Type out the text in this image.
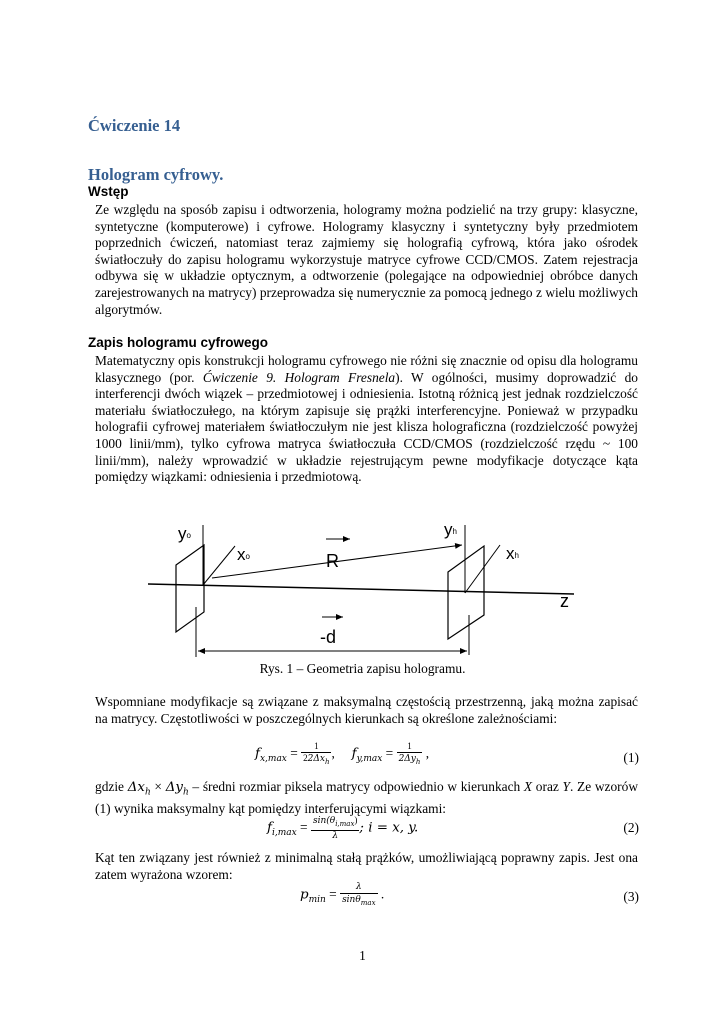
Ćwiczenie 14
Hologram cyfrowy.
Wstęp
Ze względu na sposób zapisu i odtworzenia, hologramy można podzielić na trzy grupy: klasyczne, syntetyczne (komputerowe) i cyfrowe. Hologramy klasyczny i syntetyczny były przedmiotem poprzednich ćwiczeń, natomiast teraz zajmiemy się holografią cyfrową, która jako ośrodek światłoczuły do zapisu hologramu wykorzystuje matryce cyfrowe CCD/CMOS. Zatem rejestracja odbywa się w układzie optycznym, a odtworzenie (polegające na odpowiedniej obróbce danych zarejestrowanych na matrycy) przeprowadza się numerycznie za pomocą jednego z wielu możliwych algorytmów.
Zapis hologramu cyfrowego
Matematyczny opis konstrukcji hologramu cyfrowego nie różni się znacznie od opisu dla hologramu klasycznego (por. Ćwiczenie 9. Hologram Fresnela). W ogólności, musimy doprowadzić do interferencji dwóch wiązek – przedmiotowej i odniesienia. Istotną różnicą jest jednak rozdzielczość materiału światłoczułego, na którym zapisuje się prążki interferencyjne. Ponieważ w przypadku holografii cyfrowej materiałem światłoczułym nie jest klisza holograficzna (rozdzielczość powyżej 1000 linii/mm), tylko cyfrowa matryca światłoczuła CCD/CMOS (rozdzielczość rzędu ~ 100 linii/mm), należy wprowadzić w układzie rejestrującym pewne modyfikacje dotyczące kąta pomiędzy wiązkami: odniesienia i przedmiotową.
yo
xo	R
yh
xh
z
-d
Rys. 1 – Geometria zapisu hologramu.
Wspomniane modyfikacje są związane z maksymalną częstością przestrzenną, jaką można zapisać na matrycy. Częstotliwości w poszczególnych kierunkach są określone zależnościami:
$f_{x,max} = \frac{1}{22\Delta x_h}$ ,     $f_{y,max} = \frac{1}{2\Delta y_h}$ ,	(1)
gdzie $\Delta x_h \times \Delta y_h$ – średni rozmiar piksela matrycy odpowiednio w kierunkach X oraz Y. Ze wzorów (1) wynika maksymalny kąt pomiędzy interferującymi wiązkami:
$f_{i,max} = \frac{\sin(\theta_{i,max})}{\lambda}$ ; i = x, y.	(2)
Kąt ten związany jest również z minimalną stałą prążków, umożliwiającą poprawny zapis. Jest ona zatem wyrażona wzorem:
$p_{min} = \frac{\lambda}{\sin\theta_{max}}$ .	(3)
1
